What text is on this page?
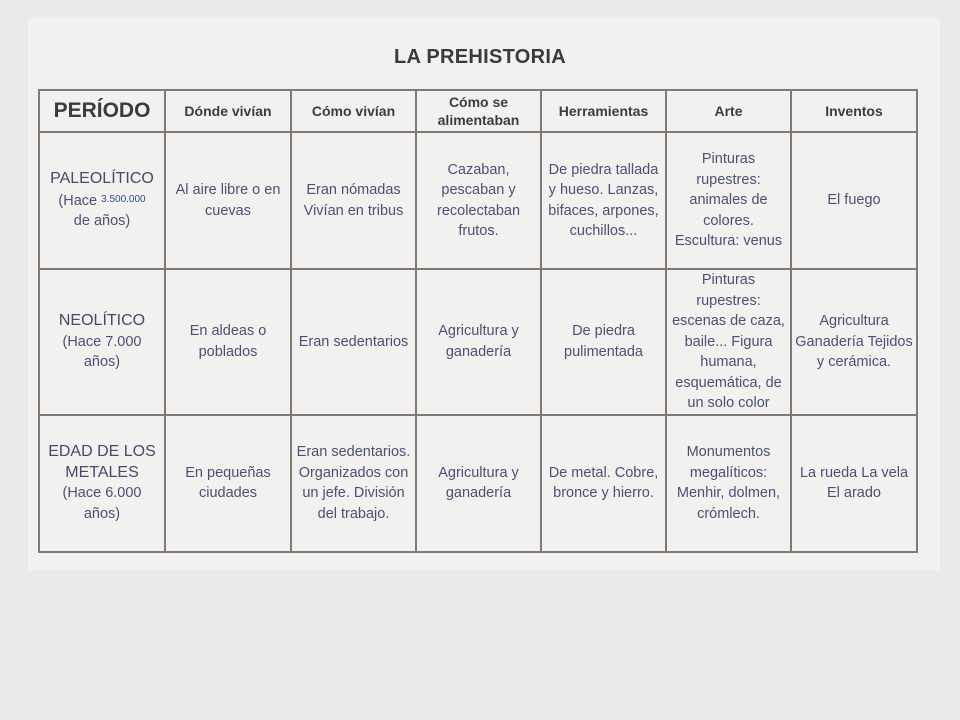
LA PREHISTORIA
PERÍODO	Dónde vivían	Cómo vivían	Cómo se alimentaban	Herramientas	Arte	Inventos

PALEOLÍTICO
(Hace $^{3.500.000}$
de años)	Al aire libre o en cuevas	Eran nómadas Vivían en tribus	Cazaban, pescaban y recolectaban frutos.	De piedra tallada y hueso. Lanzas, bifaces, arpones, cuchillos...	Pinturas rupestres: animales de colores. Escultura: venus	El fuego

NEOLÍTICO
(Hace 7.000
años)	En aldeas o poblados	Eran sedentarios	Agricultura y ganadería	De piedra pulimentada	Pinturas rupestres: escenas de caza, baile... Figura humana, esquemática, de un solo color	Agricultura Ganadería Tejidos y cerámica.

EDAD DE LOS METALES
(Hace 6.000
años)	En pequeñas ciudades	Eran sedentarios. Organizados con un jefe. División del trabajo.	Agricultura y ganadería	De metal. Cobre, bronce y hierro.	Monumentos megalíticos: Menhir, dolmen, crómlech.	La rueda La vela El arado
